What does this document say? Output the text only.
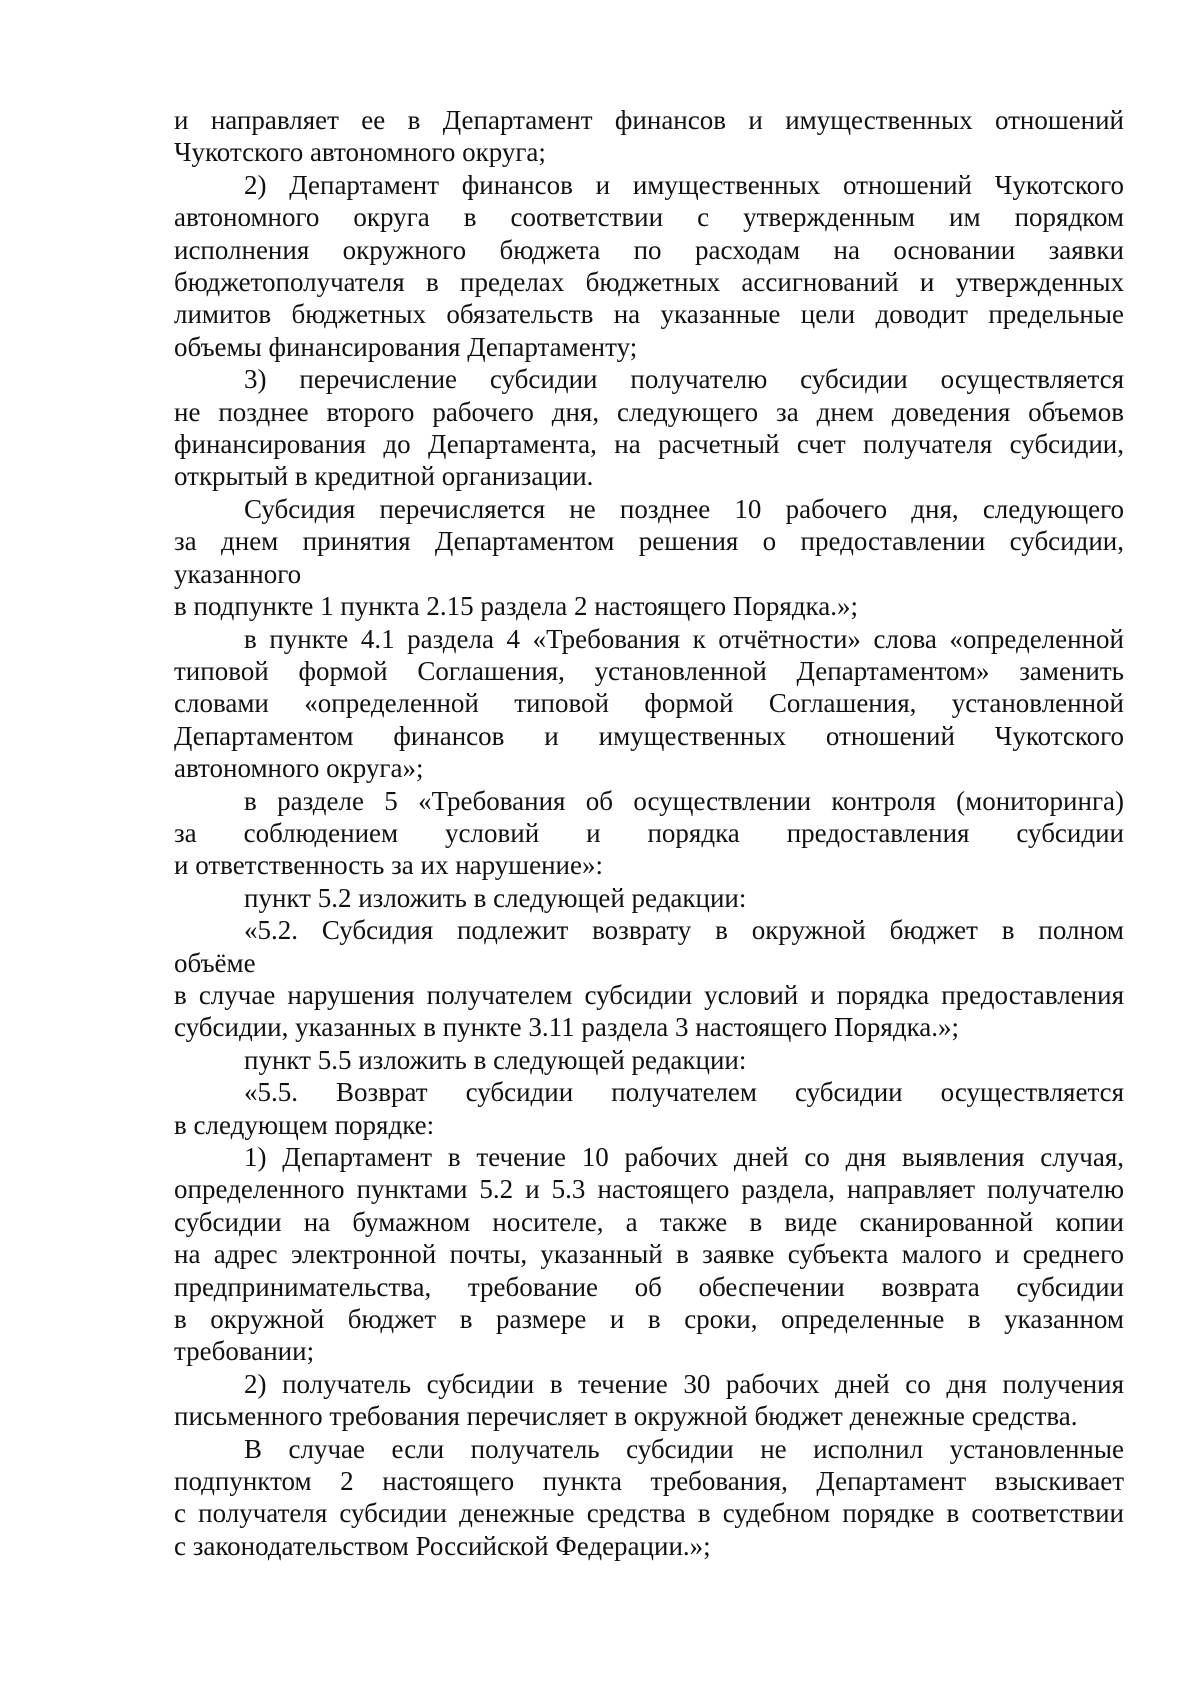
и направляет ее в Департамент финансов и имущественных отношений
Чукотского автономного округа;
2) Департамент финансов и имущественных отношений Чукотского
автономного округа в соответствии с утвержденным им порядком
исполнения окружного бюджета по расходам на основании заявки
бюджетополучателя в пределах бюджетных ассигнований и утвержденных
лимитов бюджетных обязательств на указанные цели доводит предельные
объемы финансирования Департаменту;
3) перечисление субсидии получателю субсидии осуществляется
не позднее второго рабочего дня, следующего за днем доведения объемов
финансирования до Департамента, на расчетный счет получателя субсидии,
открытый в кредитной организации.
Субсидия перечисляется не позднее 10 рабочего дня, следующего
за днем принятия Департаментом решения о предоставлении субсидии,
указанного
в подпункте 1 пункта 2.15 раздела 2 настоящего Порядка.»;
в пункте 4.1 раздела 4 «Требования к отчётности» слова «определенной
типовой формой Соглашения, установленной Департаментом» заменить
словами «определенной типовой формой Соглашения, установленной
Департаментом финансов и имущественных отношений Чукотского
автономного округа»;
в разделе 5 «Требования об осуществлении контроля (мониторинга)
за соблюдением условий и порядка предоставления субсидии
и ответственность за их нарушение»:
пункт 5.2 изложить в следующей редакции:
«5.2. Субсидия подлежит возврату в окружной бюджет в полном
объёме
в случае нарушения получателем субсидии условий и порядка предоставления
субсидии, указанных в пункте 3.11 раздела 3 настоящего Порядка.»;
пункт 5.5 изложить в следующей редакции:
«5.5. Возврат субсидии получателем субсидии осуществляется
в следующем порядке:
1) Департамент в течение 10 рабочих дней со дня выявления случая,
определенного пунктами 5.2 и 5.3 настоящего раздела, направляет получателю
субсидии на бумажном носителе, а также в виде сканированной копии
на адрес электронной почты, указанный в заявке субъекта малого и среднего
предпринимательства, требование об обеспечении возврата субсидии
в окружной бюджет в размере и в сроки, определенные в указанном
требовании;
2) получатель субсидии в течение 30 рабочих дней со дня получения
письменного требования перечисляет в окружной бюджет денежные средства.
В случае если получатель субсидии не исполнил установленные
подпунктом 2 настоящего пункта требования, Департамент взыскивает
с получателя субсидии денежные средства в судебном порядке в соответствии
с законодательством Российской Федерации.»;
